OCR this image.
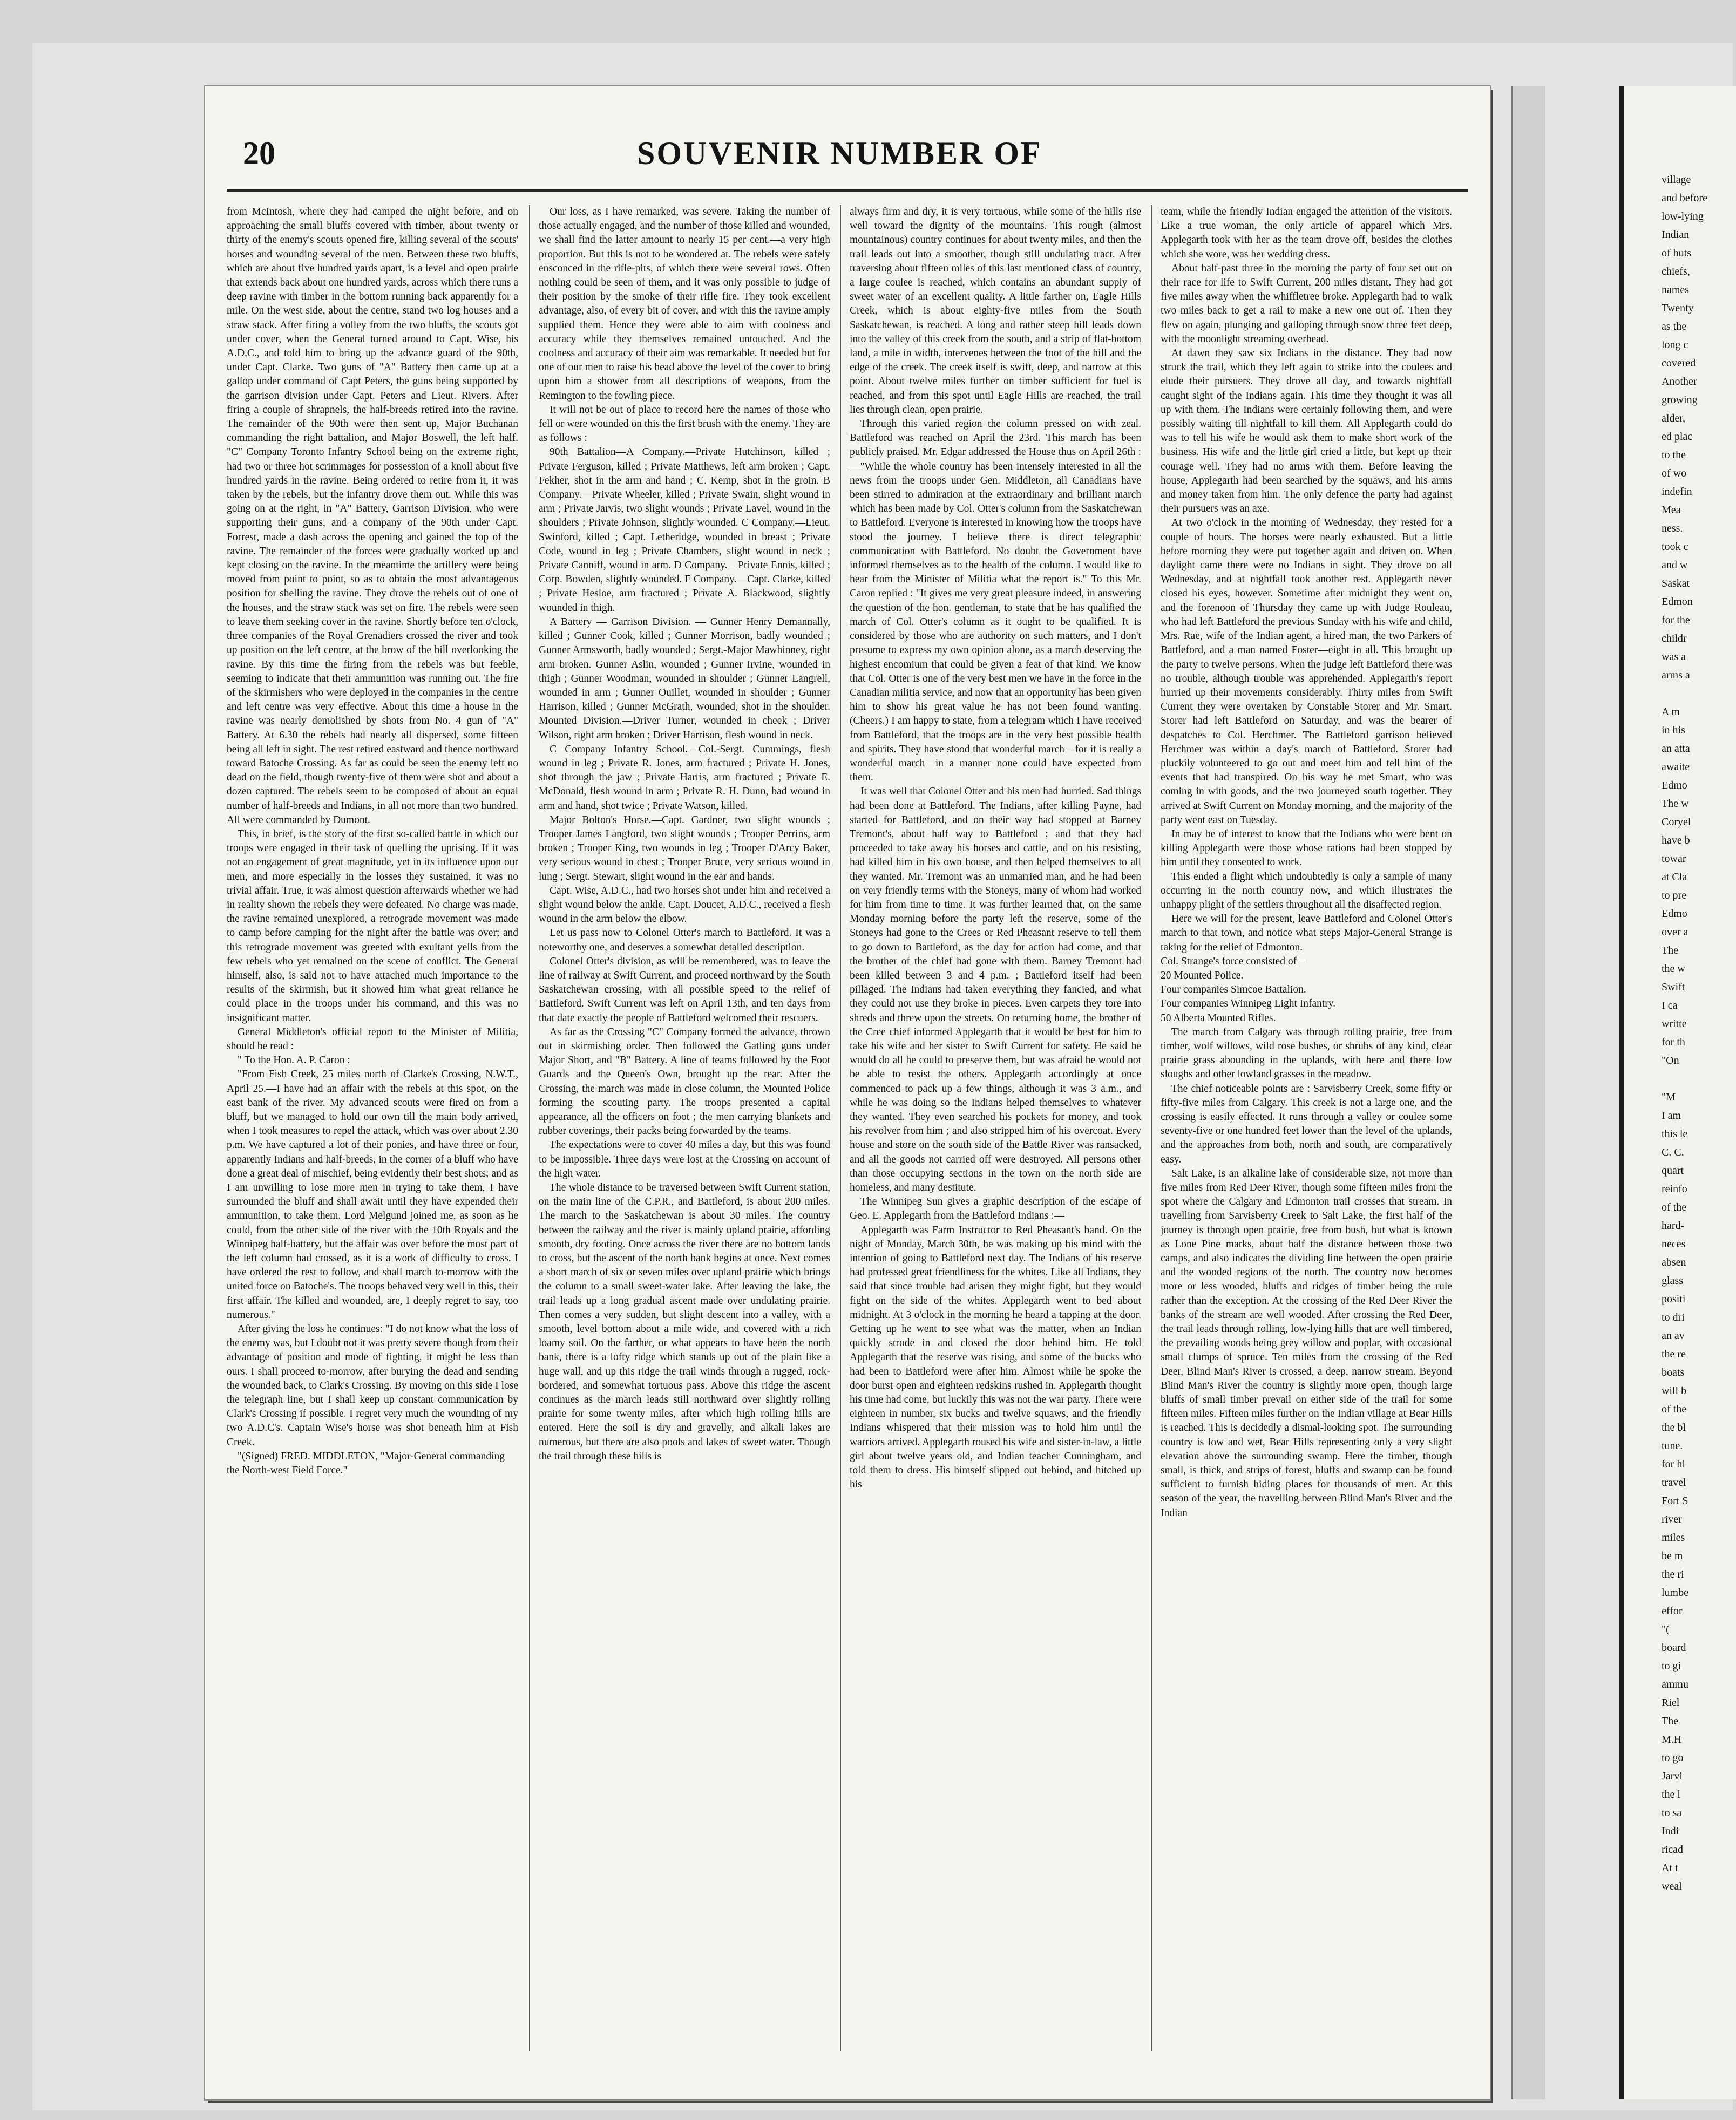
20	SOUVENIR NUMBER OF

from McIntosh, where they had camped the night before, and on approaching the small bluffs covered with timber, about twenty or thirty of the enemy's scouts opened fire, killing several of the scouts' horses and wounding several of the men. Between these two bluffs, which are about five hundred yards apart, is a level and open prairie that extends back about one hundred yards, across which there runs a deep ravine with timber in the bottom running back apparently for a mile. On the west side, about the centre, stand two log houses and a straw stack. After firing a volley from the two bluffs, the scouts got under cover, when the General turned around to Capt. Wise, his A.D.C., and told him to bring up the advance guard of the 90th, under Capt. Clarke. Two guns of "A" Battery then came up at a gallop under command of Capt Peters, the guns being supported by the garrison division under Capt. Peters and Lieut. Rivers. After firing a couple of shrapnels, the half-breeds retired into the ravine. The remainder of the 90th were then sent up, Major Buchanan commanding the right battalion, and Major Boswell, the left half. "C" Company Toronto Infantry School being on the extreme right, had two or three hot scrimmages for possession of a knoll about five hundred yards in the ravine. Being ordered to retire from it, it was taken by the rebels, but the infantry drove them out. While this was going on at the right, in "A" Battery, Garrison Division, who were supporting their guns, and a company of the 90th under Capt. Forrest, made a dash across the opening and gained the top of the ravine. The remainder of the forces were gradually worked up and kept closing on the ravine. In the meantime the artillery were being moved from point to point, so as to obtain the most advantageous position for shelling the ravine. They drove the rebels out of one of the houses, and the straw stack was set on fire. The rebels were seen to leave them seeking cover in the ravine. Shortly before ten o'clock, three companies of the Royal Grenadiers crossed the river and took up position on the left centre, at the brow of the hill overlooking the ravine. By this time the firing from the rebels was but feeble, seeming to indicate that their ammunition was running out. The fire of the skirmishers who were deployed in the companies in the centre and left centre was very effective. About this time a house in the ravine was nearly demolished by shots from No. 4 gun of "A" Battery. At 6.30 the rebels had nearly all dispersed, some fifteen being all left in sight. The rest retired eastward and thence northward toward Batoche Crossing. As far as could be seen the enemy left no dead on the field, though twenty-five of them were shot and about a dozen captured. The rebels seem to be composed of about an equal number of half-breeds and Indians, in all not more than two hundred. All were commanded by Dumont.

This, in brief, is the story of the first so-called battle in which our troops were engaged in their task of quelling the uprising. If it was not an engagement of great magnitude, yet in its influence upon our men, and more especially in the losses they sustained, it was no trivial affair. True, it was almost question afterwards whether we had in reality shown the rebels they were defeated. No charge was made, the ravine remained unexplored, a retrograde movement was made to camp before camping for the night after the battle was over; and this retrograde movement was greeted with exultant yells from the few rebels who yet remained on the scene of conflict. The General himself, also, is said not to have attached much importance to the results of the skirmish, but it showed him what great reliance he could place in the troops under his command, and this was no insignificant matter.

General Middleton's official report to the Minister of Militia, should be read :

" To the Hon. A. P. Caron :

"From Fish Creek, 25 miles north of Clarke's Crossing, N.W.T., April 25.—I have had an affair with the rebels at this spot, on the east bank of the river. My advanced scouts were fired on from a bluff, but we managed to hold our own till the main body arrived, when I took measures to repel the attack, which was over about 2.30 p.m. We have captured a lot of their ponies, and have three or four, apparently Indians and half-breeds, in the corner of a bluff who have done a great deal of mischief, being evidently their best shots; and as I am unwilling to lose more men in trying to take them, I have surrounded the bluff and shall await until they have expended their ammunition, to take them. Lord Melgund joined me, as soon as he could, from the other side of the river with the 10th Royals and the Winnipeg half-battery, but the affair was over before the most part of the left column had crossed, as it is a work of difficulty to cross. I have ordered the rest to follow, and shall march to-morrow with the united force on Batoche's. The troops behaved very well in this, their first affair. The killed and wounded, are, I deeply regret to say, too numerous."

After giving the loss he continues: "I do not know what the loss of the enemy was, but I doubt not it was pretty severe though from their advantage of position and mode of fighting, it might be less than ours. I shall proceed to-morrow, after burying the dead and sending the wounded back, to Clark's Crossing. By moving on this side I lose the telegraph line, but I shall keep up constant communication by Clark's Crossing if possible. I regret very much the wounding of my two A.D.C's. Captain Wise's horse was shot beneath him at Fish Creek.

"(Signed) FRED. MIDDLETON, "Major-General commanding the North-west Field Force."

Our loss, as I have remarked, was severe. Taking the number of those actually engaged, and the number of those killed and wounded, we shall find the latter amount to nearly 15 per cent.—a very high proportion. But this is not to be wondered at. The rebels were safely ensconced in the rifle-pits, of which there were several rows. Often nothing could be seen of them, and it was only possible to judge of their position by the smoke of their rifle fire. They took excellent advantage, also, of every bit of cover, and with this the ravine amply supplied them. Hence they were able to aim with coolness and accuracy while they themselves remained untouched. And the coolness and accuracy of their aim was remarkable. It needed but for one of our men to raise his head above the level of the cover to bring upon him a shower from all descriptions of weapons, from the Remington to the fowling piece.

It will not be out of place to record here the names of those who fell or were wounded on this the first brush with the enemy. They are as follows :

90th Battalion—A Company.—Private Hutchinson, killed ; Private Ferguson, killed ; Private Matthews, left arm broken ; Capt. Fekher, shot in the arm and hand ; C. Kemp, shot in the groin. B Company.—Private Wheeler, killed ; Private Swain, slight wound in arm ; Private Jarvis, two slight wounds ; Private Lavel, wound in the shoulders ; Private Johnson, slightly wounded. C Company.—Lieut. Swinford, killed ; Capt. Letheridge, wounded in breast ; Private Code, wound in leg ; Private Chambers, slight wound in neck ; Private Canniff, wound in arm. D Company.—Private Ennis, killed ; Corp. Bowden, slightly wounded. F Company.—Capt. Clarke, killed ; Private Hesloe, arm fractured ; Private A. Blackwood, slightly wounded in thigh.

A Battery — Garrison Division. — Gunner Henry Demannally, killed ; Gunner Cook, killed ; Gunner Morrison, badly wounded ; Gunner Armsworth, badly wounded ; Sergt.-Major Mawhinney, right arm broken. Gunner Aslin, wounded ; Gunner Irvine, wounded in thigh ; Gunner Woodman, wounded in shoulder ; Gunner Langrell, wounded in arm ; Gunner Ouillet, wounded in shoulder ; Gunner Harrison, killed ; Gunner McGrath, wounded, shot in the shoulder. Mounted Division.—Driver Turner, wounded in cheek ; Driver Wilson, right arm broken ; Driver Harrison, flesh wound in neck.

C Company Infantry School.—Col.-Sergt. Cummings, flesh wound in leg ; Private R. Jones, arm fractured ; Private H. Jones, shot through the jaw ; Private Harris, arm fractured ; Private E. McDonald, flesh wound in arm ; Private R. H. Dunn, bad wound in arm and hand, shot twice ; Private Watson, killed.

Major Bolton's Horse.—Capt. Gardner, two slight wounds ; Trooper James Langford, two slight wounds ; Trooper Perrins, arm broken ; Trooper King, two wounds in leg ; Trooper D'Arcy Baker, very serious wound in chest ; Trooper Bruce, very serious wound in lung ; Sergt. Stewart, slight wound in the ear and hands.

Capt. Wise, A.D.C., had two horses shot under him and received a slight wound below the ankle. Capt. Doucet, A.D.C., received a flesh wound in the arm below the elbow.

Let us pass now to Colonel Otter's march to Battleford. It was a noteworthy one, and deserves a somewhat detailed description.

Colonel Otter's division, as will be remembered, was to leave the line of railway at Swift Current, and proceed northward by the South Saskatchewan crossing, with all possible speed to the relief of Battleford. Swift Current was left on April 13th, and ten days from that date exactly the people of Battleford welcomed their rescuers.

As far as the Crossing "C" Company formed the advance, thrown out in skirmishing order. Then followed the Gatling guns under Major Short, and "B" Battery. A line of teams followed by the Foot Guards and the Queen's Own, brought up the rear. After the Crossing, the march was made in close column, the Mounted Police forming the scouting party. The troops presented a capital appearance, all the officers on foot ; the men carrying blankets and rubber coverings, their packs being forwarded by the teams.

The expectations were to cover 40 miles a day, but this was found to be impossible. Three days were lost at the Crossing on account of the high water.

The whole distance to be traversed between Swift Current station, on the main line of the C.P.R., and Battleford, is about 200 miles. The march to the Saskatchewan is about 30 miles. The country between the railway and the river is mainly upland prairie, affording smooth, dry footing. Once across the river there are no bottom lands to cross, but the ascent of the north bank begins at once. Next comes a short march of six or seven miles over upland prairie which brings the column to a small sweet-water lake. After leaving the lake, the trail leads up a long gradual ascent made over undulating prairie. Then comes a very sudden, but slight descent into a valley, with a smooth, level bottom about a mile wide, and covered with a rich loamy soil. On the farther, or what appears to have been the north bank, there is a lofty ridge which stands up out of the plain like a huge wall, and up this ridge the trail winds through a rugged, rock-bordered, and somewhat tortuous pass. Above this ridge the ascent continues as the march leads still northward over slightly rolling prairie for some twenty miles, after which high rolling hills are entered. Here the soil is dry and gravelly, and alkali lakes are numerous, but there are also pools and lakes of sweet water. Though the trail through these hills is

always firm and dry, it is very tortuous, while some of the hills rise well toward the dignity of the mountains. This rough (almost mountainous) country continues for about twenty miles, and then the trail leads out into a smoother, though still undulating tract. After traversing about fifteen miles of this last mentioned class of country, a large coulee is reached, which contains an abundant supply of sweet water of an excellent quality. A little farther on, Eagle Hills Creek, which is about eighty-five miles from the South Saskatchewan, is reached. A long and rather steep hill leads down into the valley of this creek from the south, and a strip of flat-bottom land, a mile in width, intervenes between the foot of the hill and the edge of the creek. The creek itself is swift, deep, and narrow at this point. About twelve miles further on timber sufficient for fuel is reached, and from this spot until Eagle Hills are reached, the trail lies through clean, open prairie.

Through this varied region the column pressed on with zeal. Battleford was reached on April the 23rd. This march has been publicly praised. Mr. Edgar addressed the House thus on April 26th :—"While the whole country has been intensely interested in all the news from the troops under Gen. Middleton, all Canadians have been stirred to admiration at the extraordinary and brilliant march which has been made by Col. Otter's column from the Saskatchewan to Battleford. Everyone is interested in knowing how the troops have stood the journey. I believe there is direct telegraphic communication with Battleford. No doubt the Government have informed themselves as to the health of the column. I would like to hear from the Minister of Militia what the report is." To this Mr. Caron replied : "It gives me very great pleasure indeed, in answering the question of the hon. gentleman, to state that he has qualified the march of Col. Otter's column as it ought to be qualified. It is considered by those who are authority on such matters, and I don't presume to express my own opinion alone, as a march deserving the highest encomium that could be given a feat of that kind. We know that Col. Otter is one of the very best men we have in the force in the Canadian militia service, and now that an opportunity has been given him to show his great value he has not been found wanting. (Cheers.) I am happy to state, from a telegram which I have received from Battleford, that the troops are in the very best possible health and spirits. They have stood that wonderful march—for it is really a wonderful march—in a manner none could have expected from them.

It was well that Colonel Otter and his men had hurried. Sad things had been done at Battleford. The Indians, after killing Payne, had started for Battleford, and on their way had stopped at Barney Tremont's, about half way to Battleford ; and that they had proceeded to take away his horses and cattle, and on his resisting, had killed him in his own house, and then helped themselves to all they wanted. Mr. Tremont was an unmarried man, and he had been on very friendly terms with the Stoneys, many of whom had worked for him from time to time. It was further learned that, on the same Monday morning before the party left the reserve, some of the Stoneys had gone to the Crees or Red Pheasant reserve to tell them to go down to Battleford, as the day for action had come, and that the brother of the chief had gone with them. Barney Tremont had been killed between 3 and 4 p.m. ; Battleford itself had been pillaged. The Indians had taken everything they fancied, and what they could not use they broke in pieces. Even carpets they tore into shreds and threw upon the streets. On returning home, the brother of the Cree chief informed Applegarth that it would be best for him to take his wife and her sister to Swift Current for safety. He said he would do all he could to preserve them, but was afraid he would not be able to resist the others. Applegarth accordingly at once commenced to pack up a few things, although it was 3 a.m., and while he was doing so the Indians helped themselves to whatever they wanted. They even searched his pockets for money, and took his revolver from him ; and also stripped him of his overcoat. Every house and store on the south side of the Battle River was ransacked, and all the goods not carried off were destroyed. All persons other than those occupying sections in the town on the north side are homeless, and many destitute.

The Winnipeg Sun gives a graphic description of the escape of Geo. E. Applegarth from the Battleford Indians :—

Applegarth was Farm Instructor to Red Pheasant's band. On the night of Monday, March 30th, he was making up his mind with the intention of going to Battleford next day. The Indians of his reserve had professed great friendliness for the whites. Like all Indians, they said that since trouble had arisen they might fight, but they would fight on the side of the whites. Applegarth went to bed about midnight. At 3 o'clock in the morning he heard a tapping at the door. Getting up he went to see what was the matter, when an Indian quickly strode in and closed the door behind him. He told Applegarth that the reserve was rising, and some of the bucks who had been to Battleford were after him. Almost while he spoke the door burst open and eighteen redskins rushed in. Applegarth thought his time had come, but luckily this was not the war party. There were eighteen in number, six bucks and twelve squaws, and the friendly Indians whispered that their mission was to hold him until the warriors arrived. Applegarth roused his wife and sister-in-law, a little girl about twelve years old, and Indian teacher Cunningham, and told them to dress. His himself slipped out behind, and hitched up his

team, while the friendly Indian engaged the attention of the visitors. Like a true woman, the only article of apparel which Mrs. Applegarth took with her as the team drove off, besides the clothes which she wore, was her wedding dress.

About half-past three in the morning the party of four set out on their race for life to Swift Current, 200 miles distant. They had got five miles away when the whiffletree broke. Applegarth had to walk two miles back to get a rail to make a new one out of. Then they flew on again, plunging and galloping through snow three feet deep, with the moonlight streaming overhead.

At dawn they saw six Indians in the distance. They had now struck the trail, which they left again to strike into the coulees and elude their pursuers. They drove all day, and towards nightfall caught sight of the Indians again. This time they thought it was all up with them. The Indians were certainly following them, and were possibly waiting till nightfall to kill them. All Applegarth could do was to tell his wife he would ask them to make short work of the business. His wife and the little girl cried a little, but kept up their courage well. They had no arms with them. Before leaving the house, Applegarth had been searched by the squaws, and his arms and money taken from him. The only defence the party had against their pursuers was an axe.

At two o'clock in the morning of Wednesday, they rested for a couple of hours. The horses were nearly exhausted. But a little before morning they were put together again and driven on. When daylight came there were no Indians in sight. They drove on all Wednesday, and at nightfall took another rest. Applegarth never closed his eyes, however. Sometime after midnight they went on, and the forenoon of Thursday they came up with Judge Rouleau, who had left Battleford the previous Sunday with his wife and child, Mrs. Rae, wife of the Indian agent, a hired man, the two Parkers of Battleford, and a man named Foster—eight in all. This brought up the party to twelve persons. When the judge left Battleford there was no trouble, although trouble was apprehended. Applegarth's report hurried up their movements considerably. Thirty miles from Swift Current they were overtaken by Constable Storer and Mr. Smart. Storer had left Battleford on Saturday, and was the bearer of despatches to Col. Herchmer. The Battleford garrison believed Herchmer was within a day's march of Battleford. Storer had pluckily volunteered to go out and meet him and tell him of the events that had transpired. On his way he met Smart, who was coming in with goods, and the two journeyed south together. They arrived at Swift Current on Monday morning, and the majority of the party went east on Tuesday.

In may be of interest to know that the Indians who were bent on killing Applegarth were those whose rations had been stopped by him until they consented to work.

This ended a flight which undoubtedly is only a sample of many occurring in the north country now, and which illustrates the unhappy plight of the settlers throughout all the disaffected region.

Here we will for the present, leave Battleford and Colonel Otter's march to that town, and notice what steps Major-General Strange is taking for the relief of Edmonton.

Col. Strange's force consisted of—

20 Mounted Police.

Four companies Simcoe Battalion.

Four companies Winnipeg Light Infantry.

50 Alberta Mounted Rifles.

The march from Calgary was through rolling prairie, free from timber, wolf willows, wild rose bushes, or shrubs of any kind, clear prairie grass abounding in the uplands, with here and there low sloughs and other lowland grasses in the meadow.

The chief noticeable points are : Sarvisberry Creek, some fifty or fifty-five miles from Calgary. This creek is not a large one, and the crossing is easily effected. It runs through a valley or coulee some seventy-five or one hundred feet lower than the level of the uplands, and the approaches from both, north and south, are comparatively easy.

Salt Lake, is an alkaline lake of considerable size, not more than five miles from Red Deer River, though some fifteen miles from the spot where the Calgary and Edmonton trail crosses that stream. In travelling from Sarvisberry Creek to Salt Lake, the first half of the journey is through open prairie, free from bush, but what is known as Lone Pine marks, about half the distance between those two camps, and also indicates the dividing line between the open prairie and the wooded regions of the north. The country now becomes more or less wooded, bluffs and ridges of timber being the rule rather than the exception. At the crossing of the Red Deer River the banks of the stream are well wooded. After crossing the Red Deer, the trail leads through rolling, low-lying hills that are well timbered, the prevailing woods being grey willow and poplar, with occasional small clumps of spruce. Ten miles from the crossing of the Red Deer, Blind Man's River is crossed, a deep, narrow stream. Beyond Blind Man's River the country is slightly more open, though large bluffs of small timber prevail on either side of the trail for some fifteen miles. Fifteen miles further on the Indian village at Bear Hills is reached. This is decidedly a dismal-looking spot. The surrounding country is low and wet, Bear Hills representing only a very slight elevation above the surrounding swamp. Here the timber, though small, is thick, and strips of forest, bluffs and swamp can be found sufficient to furnish hiding places for thousands of men. At this season of the year, the travelling between Blind Man's River and the Indian

village
and before
low-lying
Indian
of huts
chiefs,
names
Twenty
as the
long c
covered
Another
growing
alder,
ed plac
to the
of wo
indefin
Mea
ness.
took c
and w
Saskat
Edmon
for the
childr
was a
arms a
A m
in his
an atta
awaite
Edmo
The w
Coryel
have b
towar
at Cla
to pre
Edmo
over a
The
the w
Swift
I ca
writte
for th
"On
"M
I am
this le
C. C.
quart
reinfo
of the
hard-
neces
absen
glass
positi
to dri
an av
the re
boats
will b
of the
the bl
tune.
for hi
travel
Fort S
river
miles
be m
the ri
lumbe
effor
"(
board
to gi
ammu
Riel
The
M.H
to go
Jarvi
the l
to sa
Indi
ricad
At t
weal
